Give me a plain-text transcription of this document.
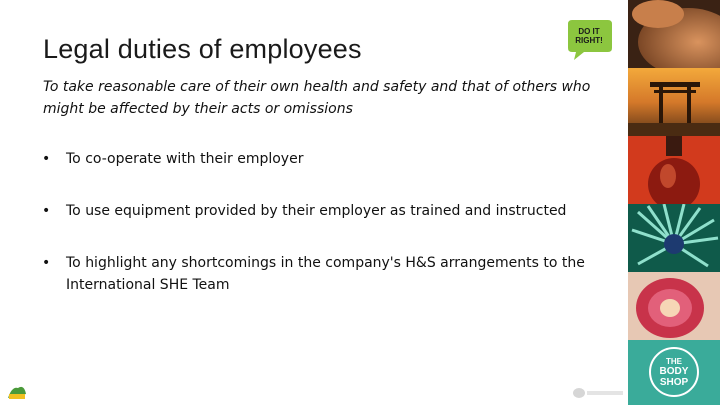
Legal duties of employees
DO IT RIGHT!
To take reasonable care of their own health and safety and that of others who might be affected by their acts or omissions
• To co-operate with their employer
• To use equipment provided by their employer as trained and instructed
• To highlight any shortcomings in the company's H&S arrangements to the International SHE Team
THE
BODY
SHOP
